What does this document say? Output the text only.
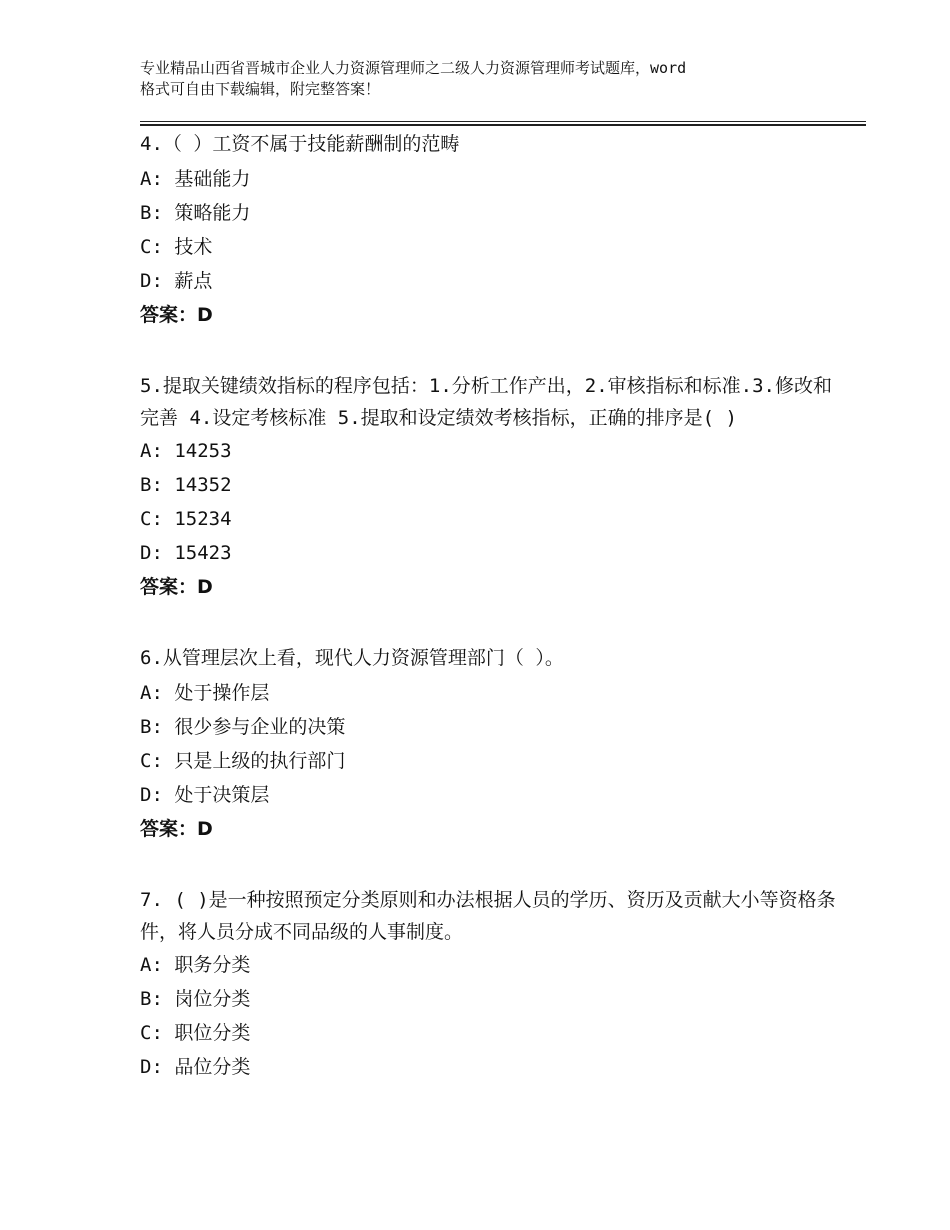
专业精品山西省晋城市企业人力资源管理师之二级人力资源管理师考试题库，word
格式可自由下载编辑，附完整答案！
4.（ ）工资不属于技能薪酬制的范畴
A: 基础能力
B: 策略能力
C: 技术
D: 薪点
答案：D
5.提取关键绩效指标的程序包括：1.分析工作产出，2.审核指标和标准.3.修改和完善 4.设定考核标准 5.提取和设定绩效考核指标，正确的排序是( )
A: 14253
B: 14352
C: 15234
D: 15423
答案：D
6.从管理层次上看，现代人力资源管理部门（ ）。
A: 处于操作层
B: 很少参与企业的决策
C: 只是上级的执行部门
D: 处于决策层
答案：D
7. ( )是一种按照预定分类原则和办法根据人员的学历、资历及贡献大小等资格条件，将人员分成不同品级的人事制度。
A: 职务分类
B: 岗位分类
C: 职位分类
D: 品位分类
